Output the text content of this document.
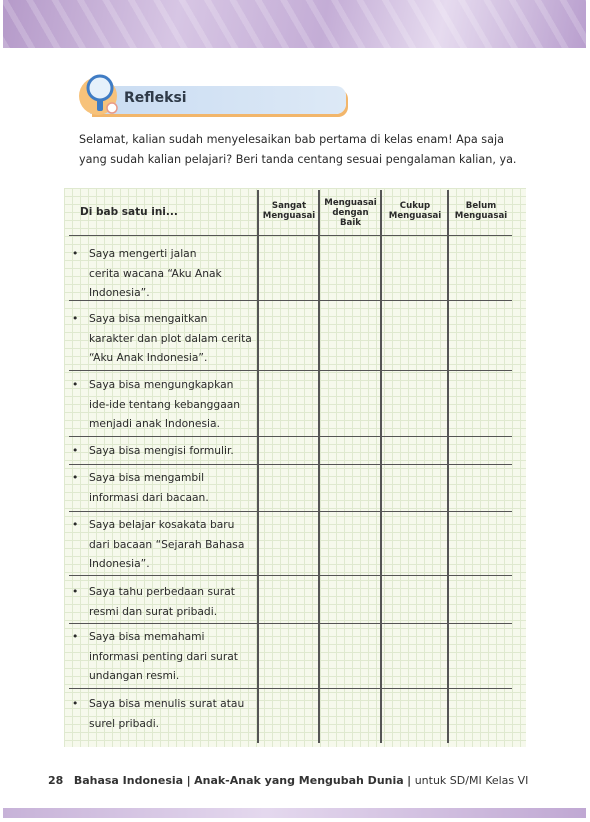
Refleksi
Selamat, kalian sudah menyelesaikan bab pertama di kelas enam! Apa saja yang sudah kalian pelajari? Beri tanda centang sesuai pengalaman kalian, ya.
Di bab satu ini...	Sangat
Menguasai
Menguasai
dengan
Baik
Cukup
Menguasai
Belum
Menguasai
• Saya mengerti jalan
cerita wacana “Aku Anak
Indonesia”.
• Saya bisa mengaitkan
karakter dan plot dalam cerita
“Aku Anak Indonesia”.
• Saya bisa mengungkapkan
ide-ide tentang kebanggaan
menjadi anak Indonesia.
• Saya bisa mengisi formulir.
• Saya bisa mengambil
informasi dari bacaan.
• Saya belajar kosakata baru
dari bacaan “Sejarah Bahasa
Indonesia”.
• Saya tahu perbedaan surat
resmi dan surat pribadi.
• Saya bisa memahami
informasi penting dari surat
undangan resmi.
• Saya bisa menulis surat atau
surel pribadi.
28 Bahasa Indonesia | Anak-Anak yang Mengubah Dunia | untuk SD/MI Kelas VI
